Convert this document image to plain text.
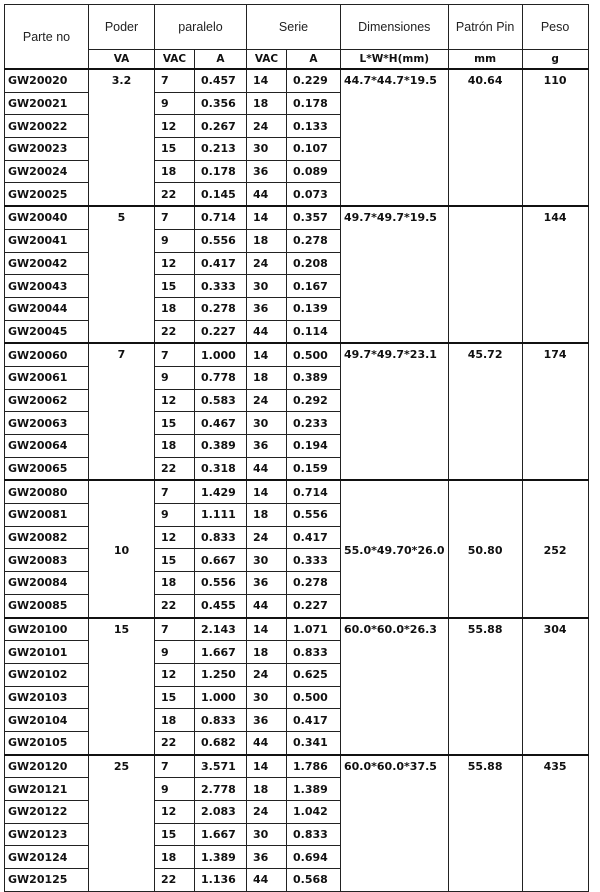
Parte no	Poder	paralelo		Serie		Dimensiones	Patrón Pin	Peso
	VA	VAC	A	VAC	A	L*W*H(mm)	mm	g
GW20020	3.2	7	0.457	14	0.229	44.7*44.7*19.5	40.64	110
GW20021		9	0.356	18	0.178			
GW20022		12	0.267	24	0.133			
GW20023		15	0.213	30	0.107			
GW20024		18	0.178	36	0.089			
GW20025		22	0.145	44	0.073			
GW20040	5	7	0.714	14	0.357	49.7*49.7*19.5		144
GW20041		9	0.556	18	0.278			
GW20042		12	0.417	24	0.208			
GW20043		15	0.333	30	0.167			
GW20044		18	0.278	36	0.139			
GW20045		22	0.227	44	0.114			
GW20060	7	7	1.000	14	0.500	49.7*49.7*23.1	45.72	174
GW20061		9	0.778	18	0.389			
GW20062		12	0.583	24	0.292			
GW20063		15	0.467	30	0.233			
GW20064		18	0.389	36	0.194			
GW20065		22	0.318	44	0.159			
GW20080	10	7	1.429	14	0.714	55.0*49.70*26.0	50.80	252
GW20081		9	1.111	18	0.556			
GW20082		12	0.833	24	0.417			
GW20083		15	0.667	30	0.333			
GW20084		18	0.556	36	0.278			
GW20085		22	0.455	44	0.227			
GW20100	15	7	2.143	14	1.071	60.0*60.0*26.3	55.88	304
GW20101		9	1.667	18	0.833			
GW20102		12	1.250	24	0.625			
GW20103		15	1.000	30	0.500			
GW20104		18	0.833	36	0.417			
GW20105		22	0.682	44	0.341			
GW20120	25	7	3.571	14	1.786	60.0*60.0*37.5	55.88	435
GW20121		9	2.778	18	1.389			
GW20122		12	2.083	24	1.042			
GW20123		15	1.667	30	0.833			
GW20124		18	1.389	36	0.694			
GW20125		22	1.136	44	0.568			
